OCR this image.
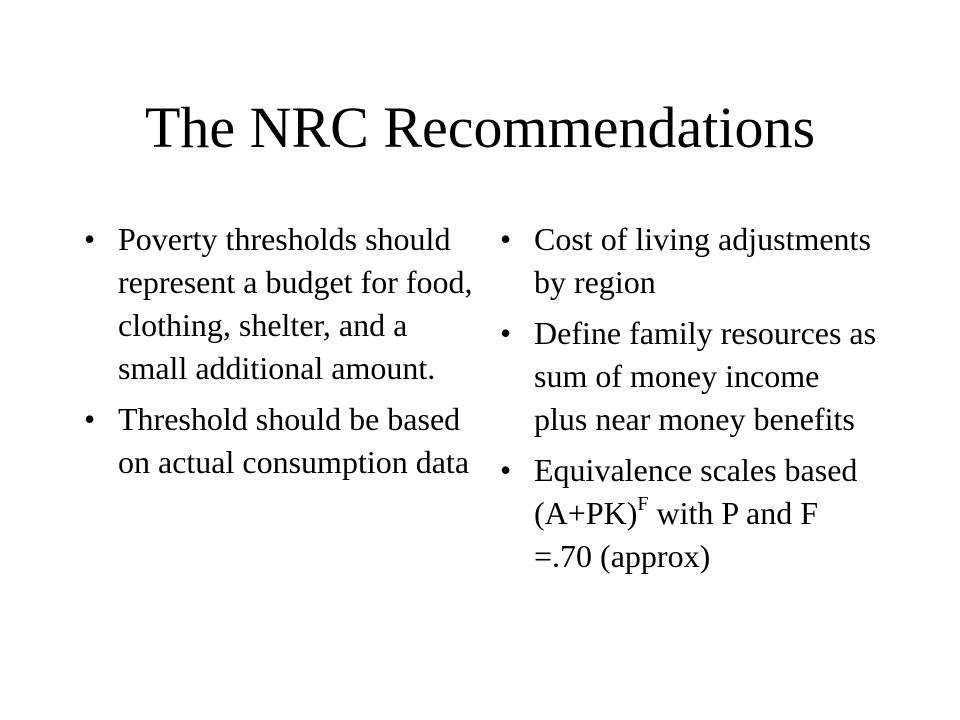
The NRC Recommendations
• Poverty thresholds should represent a budget for food, clothing, shelter, and a small additional amount.
• Threshold should be based on actual consumption data
• Cost of living adjustments by region
• Define family resources as sum of money income plus near money benefits
• Equivalence scales based $(A+PK)^F$ with P and F =.70 (approx)
